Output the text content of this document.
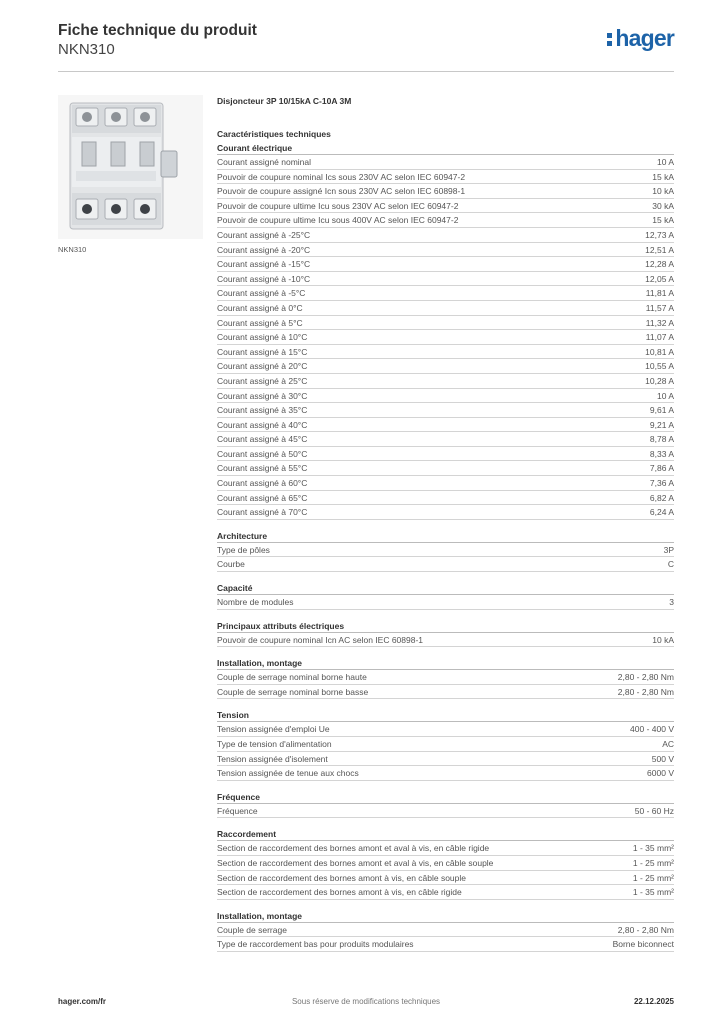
Fiche technique du produit
NKN310	hager
NKN310
Disjoncteur 3P 10/15kA C-10A 3M
Caractéristiques techniques
Courant électrique
Courant assigné nominal	10 A
Pouvoir de coupure nominal Ics sous 230V AC selon IEC 60947-2	15 kA
Pouvoir de coupure assigné Icn sous 230V AC selon IEC 60898-1	10 kA
Pouvoir de coupure ultime Icu sous 230V AC selon IEC 60947-2	30 kA
Pouvoir de coupure ultime Icu sous 400V AC selon IEC 60947-2	15 kA
Courant assigné à -25°C	12,73 A
Courant assigné à -20°C	12,51 A
Courant assigné à -15°C	12,28 A
Courant assigné à -10°C	12,05 A
Courant assigné à -5°C	11,81 A
Courant assigné à 0°C	11,57 A
Courant assigné à 5°C	11,32 A
Courant assigné à 10°C	11,07 A
Courant assigné à 15°C	10,81 A
Courant assigné à 20°C	10,55 A
Courant assigné à 25°C	10,28 A
Courant assigné à 30°C	10 A
Courant assigné à 35°C	9,61 A
Courant assigné à 40°C	9,21 A
Courant assigné à 45°C	8,78 A
Courant assigné à 50°C	8,33 A
Courant assigné à 55°C	7,86 A
Courant assigné à 60°C	7,36 A
Courant assigné à 65°C	6,82 A
Courant assigné à 70°C	6,24 A
Architecture
Type de pôles	3P
Courbe	C
Capacité
Nombre de modules	3
Principaux attributs électriques
Pouvoir de coupure nominal Icn AC selon IEC 60898-1	10 kA
Installation, montage
Couple de serrage nominal borne haute	2,80 - 2,80 Nm
Couple de serrage nominal borne basse	2,80 - 2,80 Nm
Tension
Tension assignée d'emploi Ue	400 - 400 V
Type de tension d'alimentation	AC
Tension assignée d'isolement	500 V
Tension assignée de tenue aux chocs	6000 V
Fréquence
Fréquence	50 - 60 Hz
Raccordement
Section de raccordement des bornes amont et aval à vis, en câble rigide	1 - 35 mm²
Section de raccordement des bornes amont et aval à vis, en câble souple	1 - 25 mm²
Section de raccordement des bornes amont à vis, en câble souple	1 - 25 mm²
Section de raccordement des bornes amont à vis, en câble rigide	1 - 35 mm²
Installation, montage
Couple de serrage	2,80 - 2,80 Nm
Type de raccordement bas pour produits modulaires	Borne biconnect
hager.com/fr	Sous réserve de modifications techniques	22.12.2025
